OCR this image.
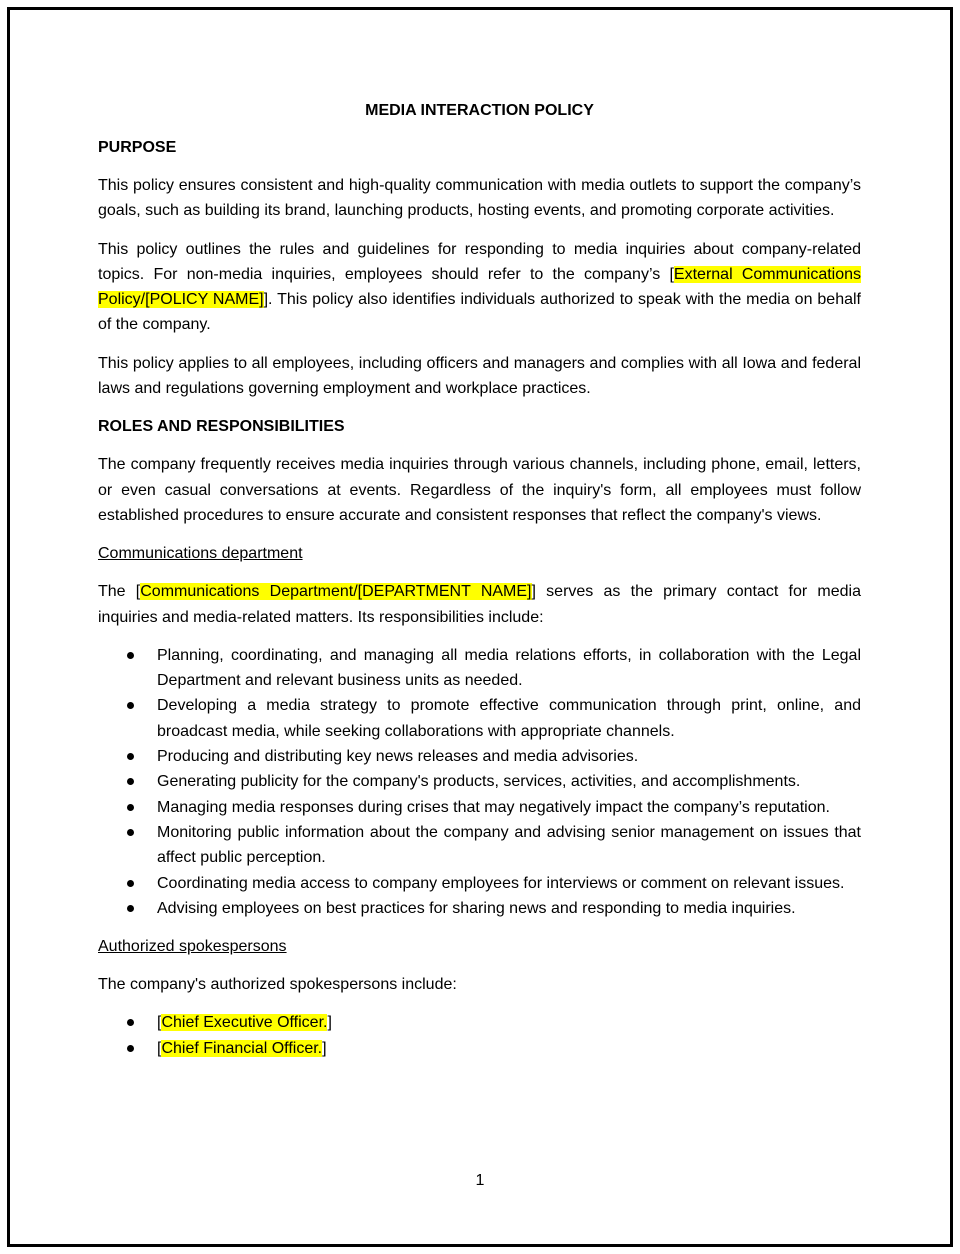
MEDIA INTERACTION POLICY
PURPOSE

This policy ensures consistent and high-quality communication with media outlets to support the company’s goals, such as building its brand, launching products, hosting events, and promoting corporate activities.

This policy outlines the rules and guidelines for responding to media inquiries about company-related topics. For non-media inquiries, employees should refer to the company’s [External Communications Policy/[POLICY NAME]]. This policy also identifies individuals authorized to speak with the media on behalf of the company.

This policy applies to all employees, including officers and managers and complies with all Iowa and federal laws and regulations governing employment and workplace practices.

ROLES AND RESPONSIBILITIES

The company frequently receives media inquiries through various channels, including phone, email, letters, or even casual conversations at events. Regardless of the inquiry's form, all employees must follow established procedures to ensure accurate and consistent responses that reflect the company's views.

Communications department

The [Communications Department/[DEPARTMENT NAME]] serves as the primary contact for media inquiries and media-related matters. Its responsibilities include:

Planning, coordinating, and managing all media relations efforts, in collaboration with the Legal Department and relevant business units as needed.
Developing a media strategy to promote effective communication through print, online, and broadcast media, while seeking collaborations with appropriate channels.
Producing and distributing key news releases and media advisories.
Generating publicity for the company's products, services, activities, and accomplishments.
Managing media responses during crises that may negatively impact the company’s reputation.
Monitoring public information about the company and advising senior management on issues that affect public perception.
Coordinating media access to company employees for interviews or comment on relevant issues.
Advising employees on best practices for sharing news and responding to media inquiries.
Authorized spokespersons

The company's authorized spokespersons include:

[Chief Executive Officer.]
[Chief Financial Officer.]
1
